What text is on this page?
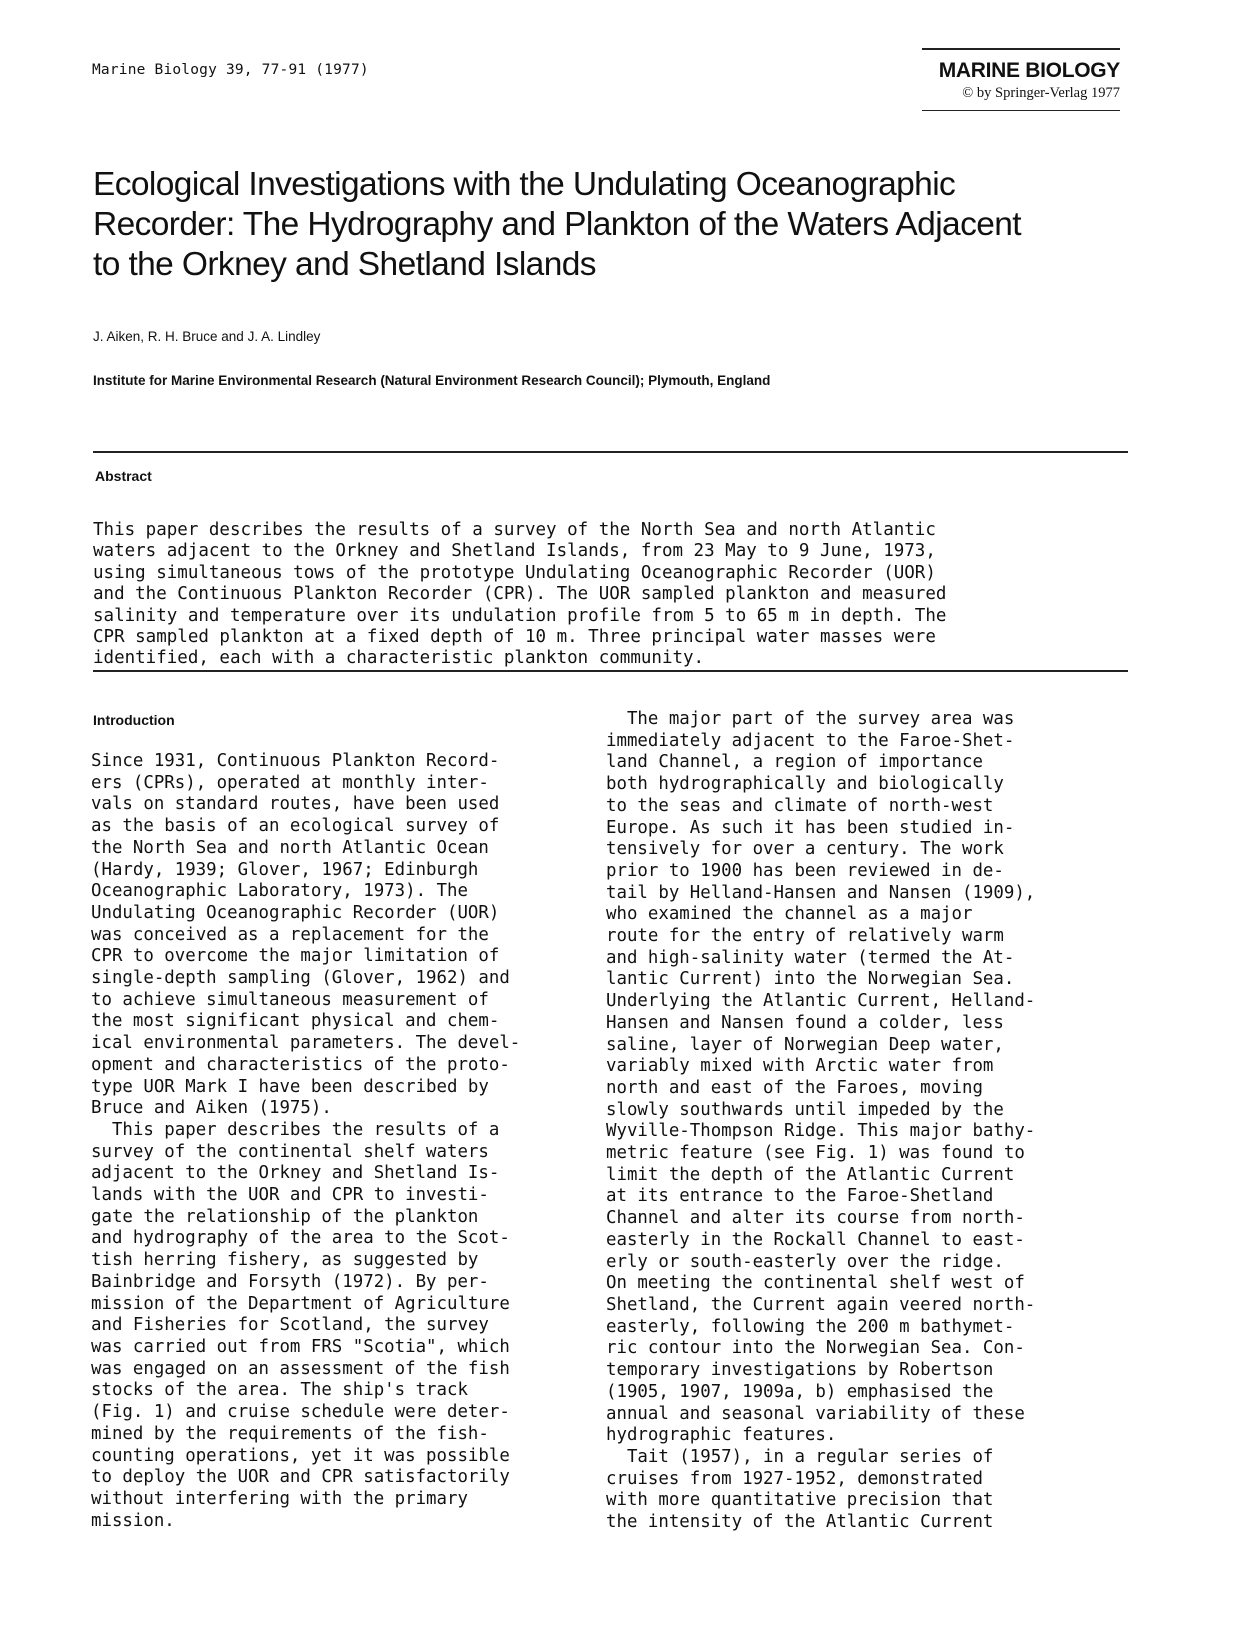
Marine Biology 39, 77-91 (1977)	MARINE BIOLOGY
© by Springer-Verlag 1977
Ecological Investigations with the Undulating Oceanographic
Recorder: The Hydrography and Plankton of the Waters Adjacent
to the Orkney and Shetland Islands
J. Aiken, R. H. Bruce and J. A. Lindley
Institute for Marine Environmental Research (Natural Environment Research Council); Plymouth, England
Abstract

This paper describes the results of a survey of the North Sea and north Atlantic
waters adjacent to the Orkney and Shetland Islands, from 23 May to 9 June, 1973,
using simultaneous tows of the prototype Undulating Oceanographic Recorder (UOR)
and the Continuous Plankton Recorder (CPR). The UOR sampled plankton and measured
salinity and temperature over its undulation profile from 5 to 65 m in depth. The
CPR sampled plankton at a fixed depth of 10 m. Three principal water masses were
identified, each with a characteristic plankton community.

Introduction

Since 1931, Continuous Plankton Record-
ers (CPRs), operated at monthly inter-
vals on standard routes, have been used
as the basis of an ecological survey of
the North Sea and north Atlantic Ocean
(Hardy, 1939; Glover, 1967; Edinburgh
Oceanographic Laboratory, 1973). The
Undulating Oceanographic Recorder (UOR)
was conceived as a replacement for the
CPR to overcome the major limitation of
single-depth sampling (Glover, 1962) and
to achieve simultaneous measurement of
the most significant physical and chem-
ical environmental parameters. The devel-
opment and characteristics of the proto-
type UOR Mark I have been described by
Bruce and Aiken (1975).
This paper describes the results of a
survey of the continental shelf waters
adjacent to the Orkney and Shetland Is-
lands with the UOR and CPR to investi-
gate the relationship of the plankton
and hydrography of the area to the Scot-
tish herring fishery, as suggested by
Bainbridge and Forsyth (1972). By per-
mission of the Department of Agriculture
and Fisheries for Scotland, the survey
was carried out from FRS "Scotia", which
was engaged on an assessment of the fish
stocks of the area. The ship's track
(Fig. 1) and cruise schedule were deter-
mined by the requirements of the fish-
counting operations, yet it was possible
to deploy the UOR and CPR satisfactorily
without interfering with the primary
mission.

The major part of the survey area was
immediately adjacent to the Faroe-Shet-
land Channel, a region of importance
both hydrographically and biologically
to the seas and climate of north-west
Europe. As such it has been studied in-
tensively for over a century. The work
prior to 1900 has been reviewed in de-
tail by Helland-Hansen and Nansen (1909),
who examined the channel as a major
route for the entry of relatively warm
and high-salinity water (termed the At-
lantic Current) into the Norwegian Sea.
Underlying the Atlantic Current, Helland-
Hansen and Nansen found a colder, less
saline, layer of Norwegian Deep water,
variably mixed with Arctic water from
north and east of the Faroes, moving
slowly southwards until impeded by the
Wyville-Thompson Ridge. This major bathy-
metric feature (see Fig. 1) was found to
limit the depth of the Atlantic Current
at its entrance to the Faroe-Shetland
Channel and alter its course from north-
easterly in the Rockall Channel to east-
erly or south-easterly over the ridge.
On meeting the continental shelf west of
Shetland, the Current again veered north-
easterly, following the 200 m bathymet-
ric contour into the Norwegian Sea. Con-
temporary investigations by Robertson
(1905, 1907, 1909a, b) emphasised the
annual and seasonal variability of these
hydrographic features.
Tait (1957), in a regular series of
cruises from 1927-1952, demonstrated
with more quantitative precision that
the intensity of the Atlantic Current
